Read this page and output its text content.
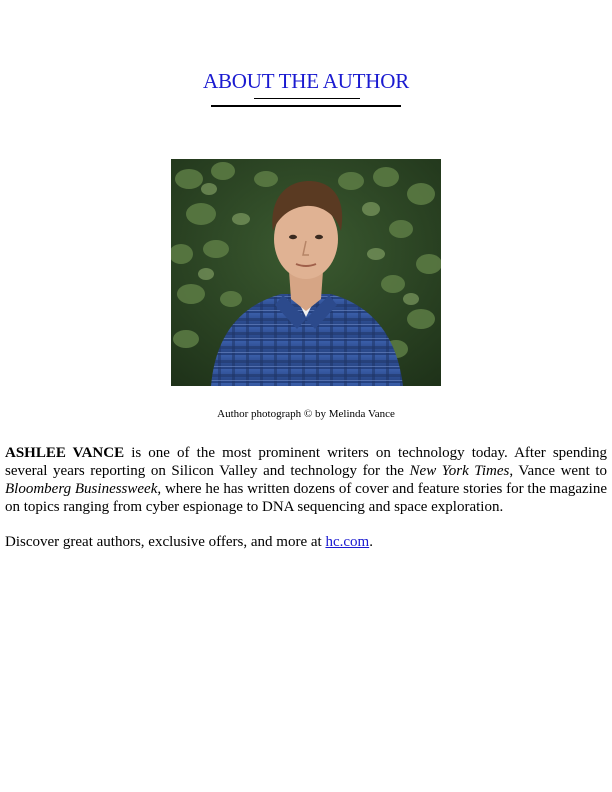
ABOUT THE AUTHOR
Author photograph © by Melinda Vance

ASHLEE VANCE is one of the most prominent writers on technology today. After spending several years reporting on Silicon Valley and technology for the New York Times, Vance went to Bloomberg Businessweek, where he has written dozens of cover and feature stories for the magazine on topics ranging from cyber espionage to DNA sequencing and space exploration.

Discover great authors, exclusive offers, and more at hc.com.
